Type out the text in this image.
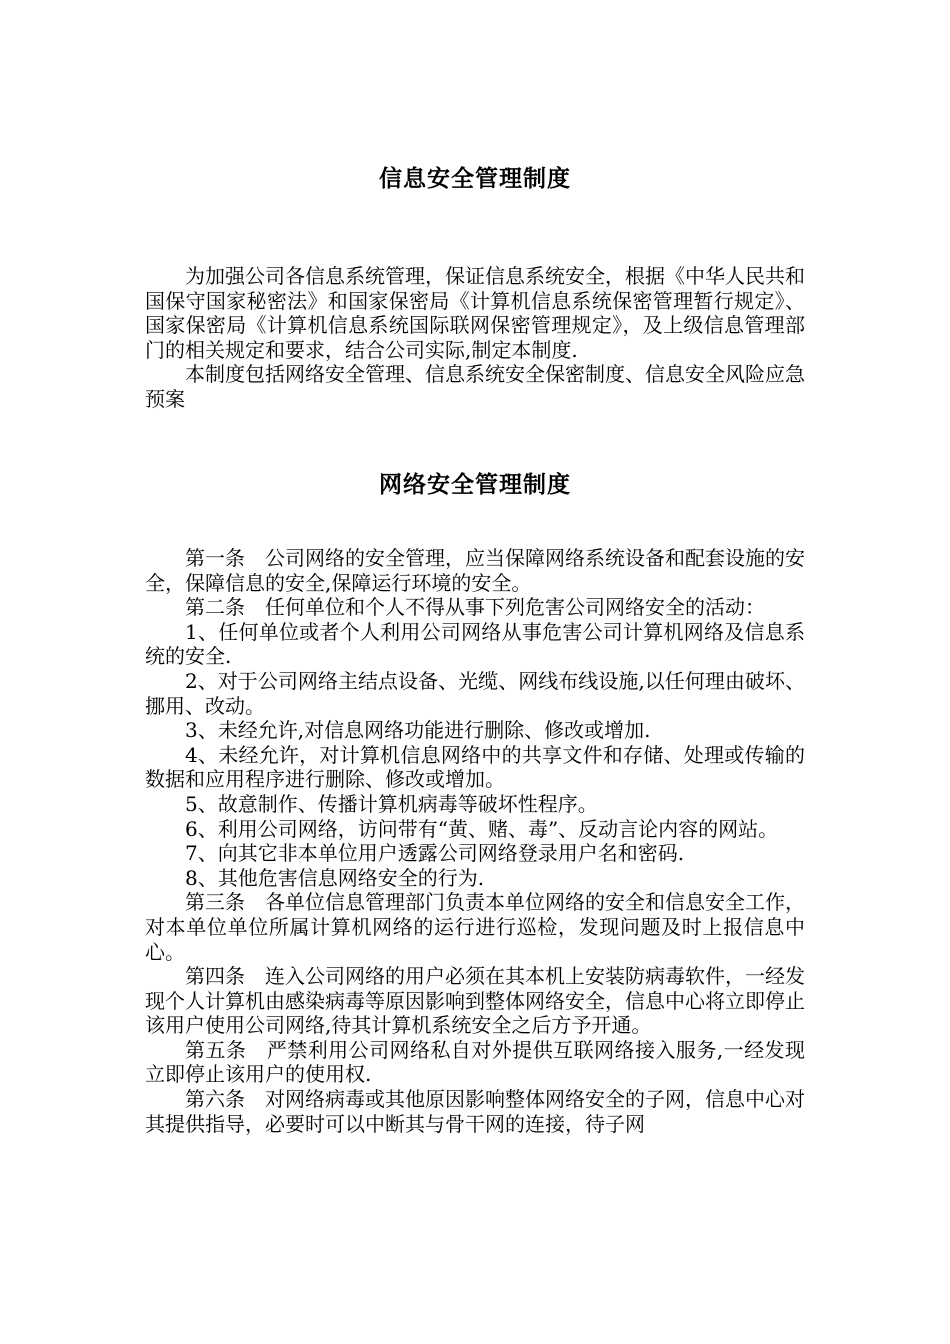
信息安全管理制度

为加强公司各信息系统管理，保证信息系统安全，根据《中华人民共和国保守国家秘密法》和国家保密局《计算机信息系统保密管理暂行规定》、国家保密局《计算机信息系统国际联网保密管理规定》，及上级信息管理部门的相关规定和要求，结合公司实际,制定本制度.

本制度包括网络安全管理、信息系统安全保密制度、信息安全风险应急预案

网络安全管理制度

第一条　公司网络的安全管理，应当保障网络系统设备和配套设施的安全，保障信息的安全,保障运行环境的安全。

第二条　任何单位和个人不得从事下列危害公司网络安全的活动：

1、任何单位或者个人利用公司网络从事危害公司计算机网络及信息系统的安全.

2、对于公司网络主结点设备、光缆、网线布线设施,以任何理由破坏、挪用、改动。

3、未经允许,对信息网络功能进行删除、修改或增加.

4、未经允许，对计算机信息网络中的共享文件和存储、处理或传输的数据和应用程序进行删除、修改或增加。

5、故意制作、传播计算机病毒等破坏性程序。

6、利用公司网络，访问带有“黄、赌、毒”、反动言论内容的网站。

7、向其它非本单位用户透露公司网络登录用户名和密码.

8、其他危害信息网络安全的行为.

第三条　各单位信息管理部门负责本单位网络的安全和信息安全工作，对本单位单位所属计算机网络的运行进行巡检，发现问题及时上报信息中心。

第四条　连入公司网络的用户必须在其本机上安装防病毒软件，一经发现个人计算机由感染病毒等原因影响到整体网络安全，信息中心将立即停止该用户使用公司网络,待其计算机系统安全之后方予开通。

第五条　严禁利用公司网络私自对外提供互联网络接入服务,一经发现立即停止该用户的使用权.

第六条　对网络病毒或其他原因影响整体网络安全的子网，信息中心对其提供指导，必要时可以中断其与骨干网的连接，待子网
